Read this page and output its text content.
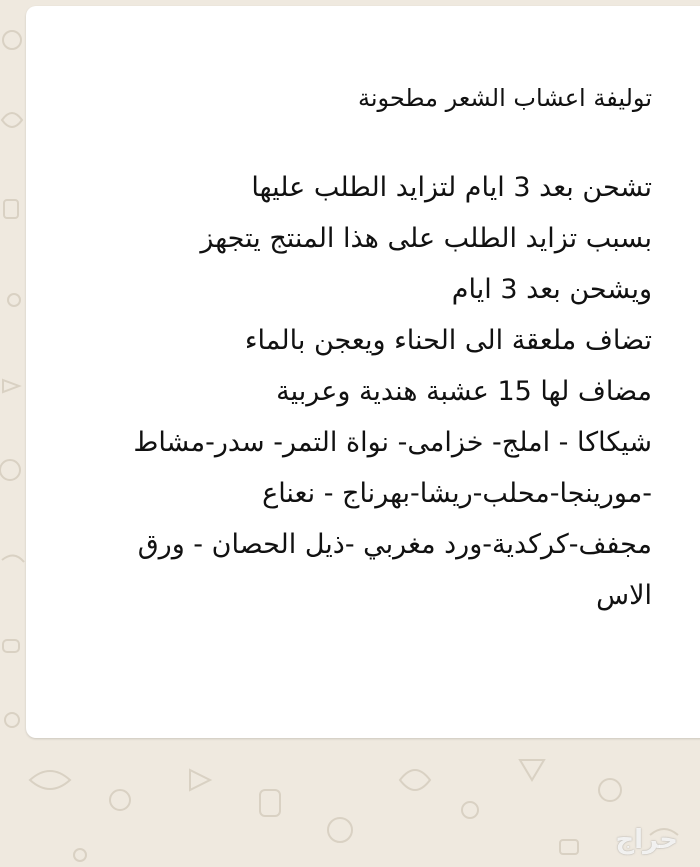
توليفة اعشاب الشعر مطحونة
تشحن بعد 3 ايام لتزايد الطلب عليها
بسبب تزايد الطلب على هذا المنتج يتجهز
ويشحن بعد 3 ايام
تضاف ملعقة الى الحناء ويعجن بالماء
مضاف لها 15 عشبة هندية وعربية
شيكاكا - املج- خزامى- نواة التمر- سدر-مشاط
-مورينجا-محلب-ريشا-بهرناج - نعناع
مجفف-كركدية-ورد مغربي -ذيل الحصان - ورق
الاس
حراج
